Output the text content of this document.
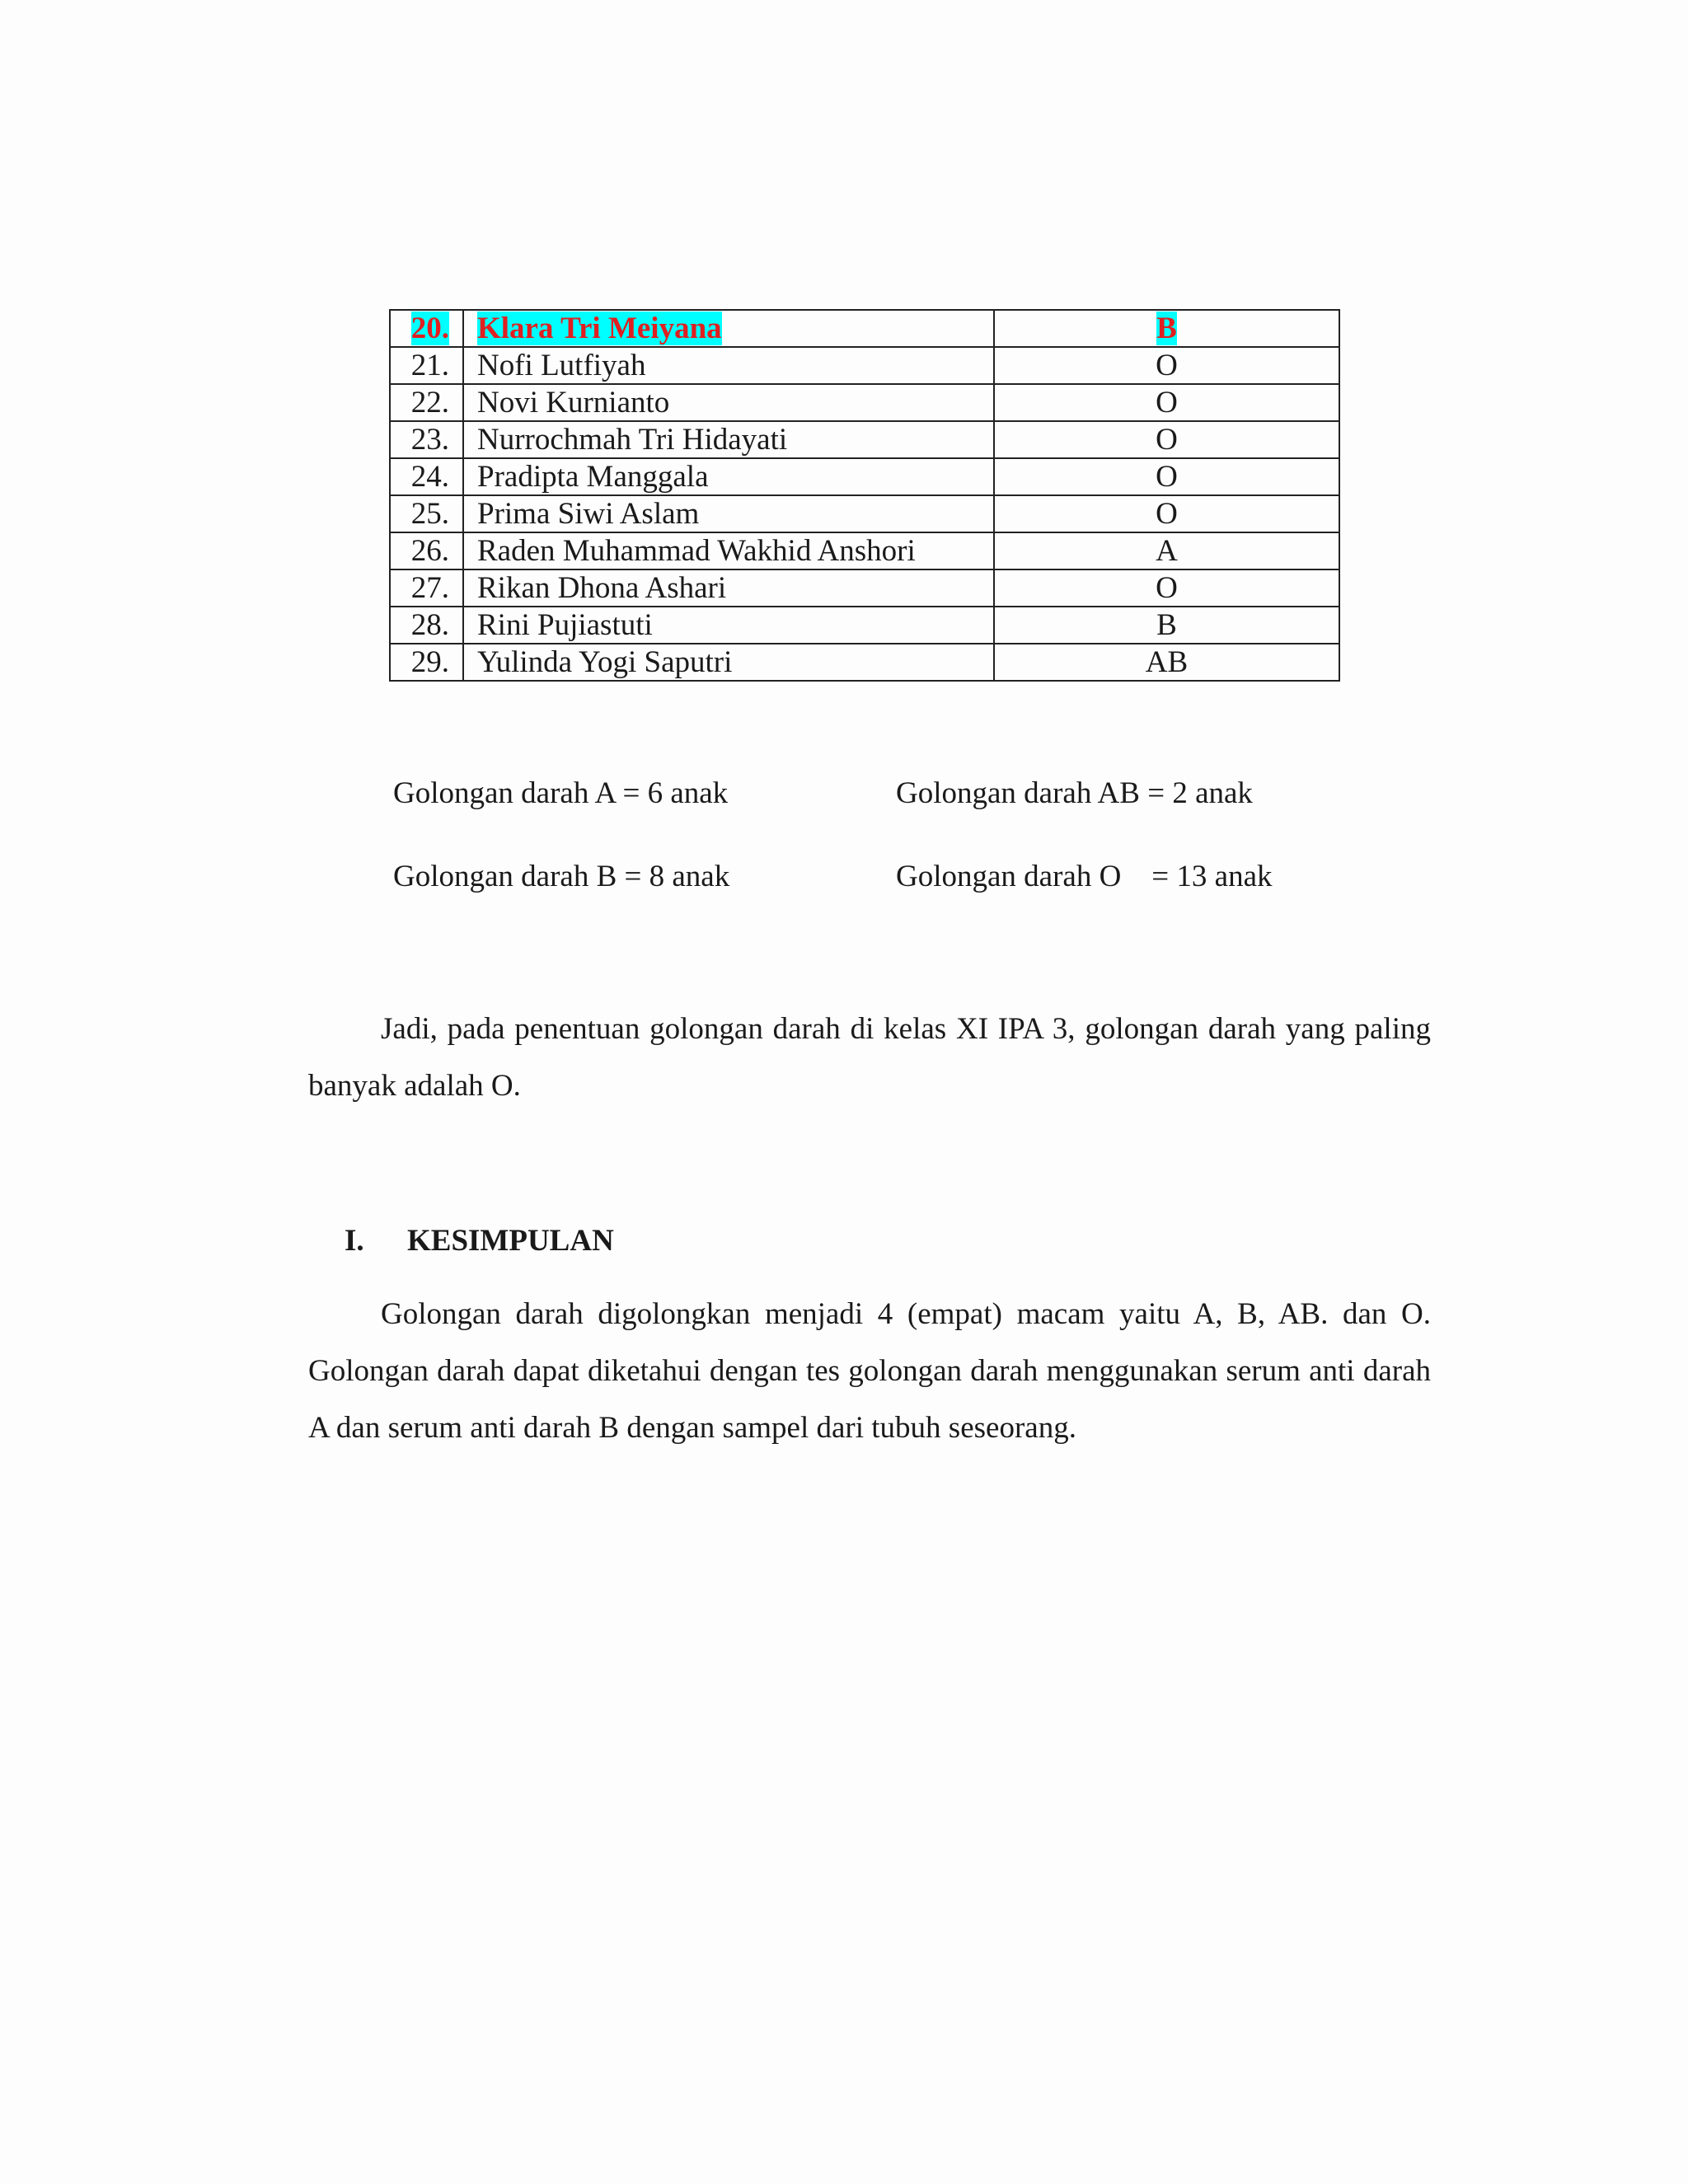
20.	Klara Tri Meiyana	B
21.	Nofi Lutfiyah	O
22.	Novi Kurnianto	O
23.	Nurrochmah Tri Hidayati	O
24.	Pradipta Manggala	O
25.	Prima Siwi Aslam	O
26.	Raden Muhammad Wakhid Anshori	A
27.	Rikan Dhona Ashari	O
28.	Rini Pujiastuti	B
29.	Yulinda Yogi Saputri	AB
Golongan darah A = 6 anak	Golongan darah AB = 2 anak
Golongan darah B = 8 anak	Golongan darah O    = 13 anak

Jadi, pada penentuan golongan darah di kelas XI IPA 3, golongan darah yang paling banyak adalah O.

I. KESIMPULAN

Golongan darah digolongkan menjadi 4 (empat) macam yaitu A, B, AB. dan O. Golongan darah dapat diketahui dengan tes golongan darah menggunakan serum anti darah A dan serum anti darah B dengan sampel dari tubuh seseorang.
